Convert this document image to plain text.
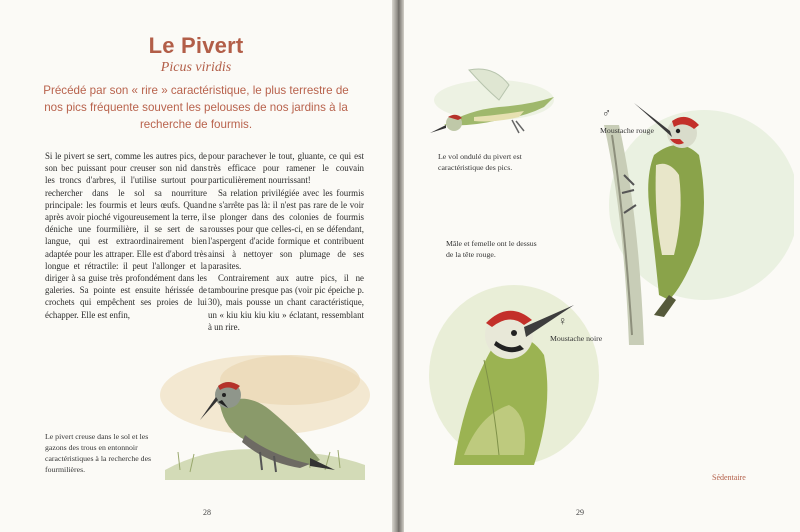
Le Pivert
Picus viridis
Précédé par son « rire » caractéristique, le plus terrestre de nos pics fréquente souvent les pelouses de nos jardins à la recherche de fourmis.

Si le pivert se sert, comme les autres pics, de son bec puissant pour creuser son nid dans les troncs d'arbres, il l'utilise surtout pour rechercher dans le sol sa nourriture principale: les fourmis et leurs œufs. Quand après avoir pioché vigoureusement la terre, il déniche une fourmilière, il se sert de sa langue, qui est extraordinairement bien adaptée pour les attraper. Elle est d'abord très longue et rétractile: il peut l'allonger et la diriger à sa guise très profondément dans les galeries. Sa pointe est ensuite hérissée de crochets qui empêchent ses proies de lui échapper. Elle est enfin,

pour parachever le tout, gluante, ce qui est très efficace pour ramener le couvain particulièrement nourrissant!

Sa relation privilégiée avec les fourmis ne s'arrête pas là: il n'est pas rare de le voir se plonger dans des colonies de fourmis rousses pour que celles-ci, en se défendant, l'aspergent d'acide formique et contribuent ainsi à nettoyer son plumage de ses parasites.

Contrairement aux autre pics, il ne tambourine presque pas (voir pic épeiche p. 30), mais pousse un chant caractéristique, un « kiu kiu kiu kiu » éclatant, ressemblant à un rire.

Le pivert creuse dans le sol et les gazons des trous en entonnoir caractéristiques à la recherche des fourmilières.
28
Le vol ondulé du pivert est caractéristique des pics.
♂
Moustache rouge
Mâle et femelle ont le dessus de la tête rouge.
♀
Moustache noire
29
Sédentaire
